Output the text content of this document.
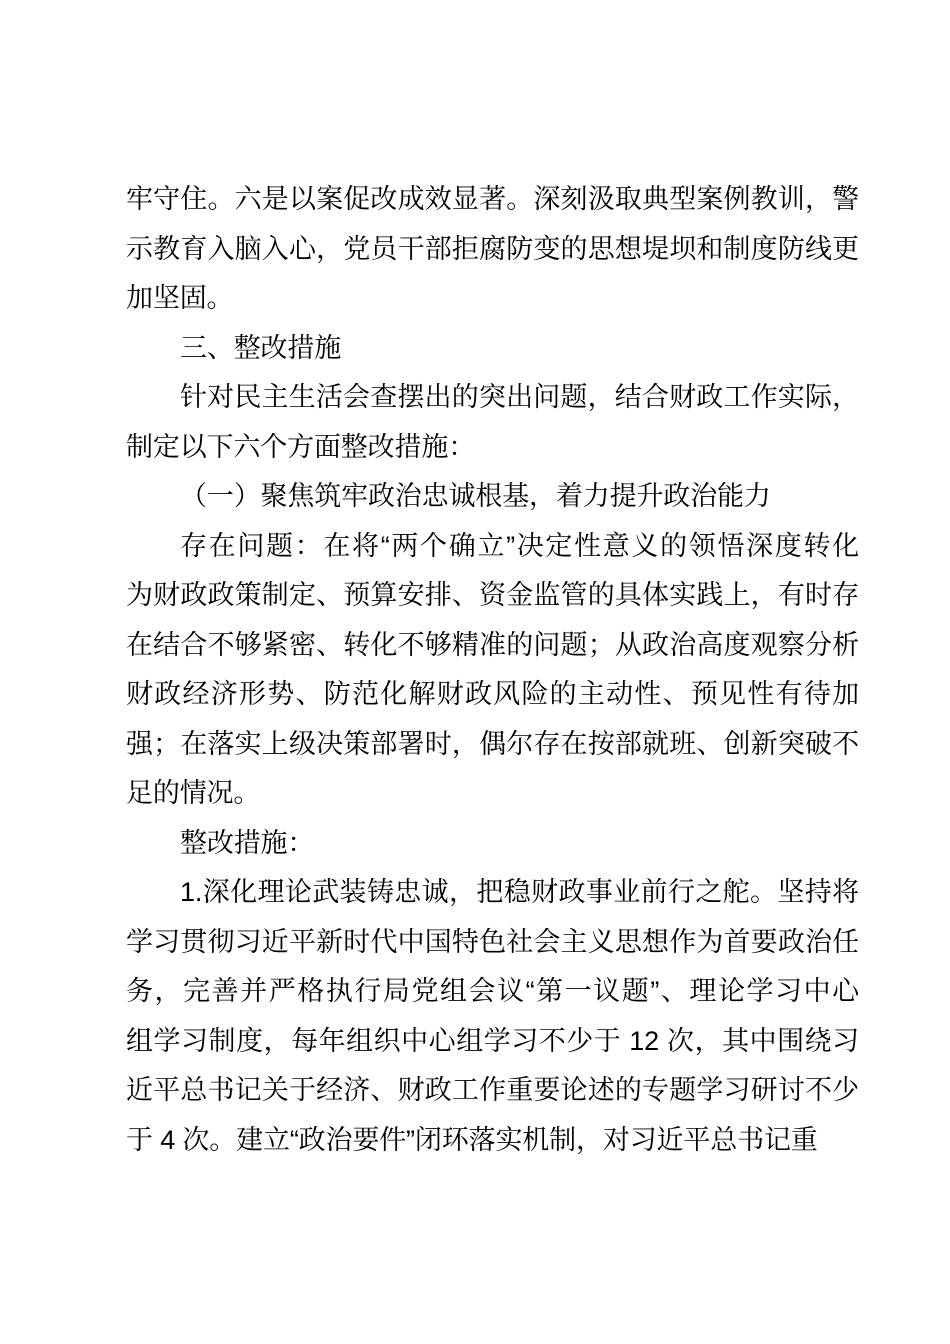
牢守住。六是以案促改成效显著。深刻汲取典型案例教训，警
示教育入脑入心，党员干部拒腐防变的思想堤坝和制度防线更
加坚固。
三、整改措施
针对民主生活会查摆出的突出问题，结合财政工作实际，
制定以下六个方面整改措施：
（一）聚焦筑牢政治忠诚根基，着力提升政治能力
存在问题：在将“两个确立”决定性意义的领悟深度转化
为财政政策制定、预算安排、资金监管的具体实践上，有时存
在结合不够紧密、转化不够精准的问题；从政治高度观察分析
财政经济形势、防范化解财政风险的主动性、预见性有待加
强；在落实上级决策部署时，偶尔存在按部就班、创新突破不
足的情况。
整改措施：
1.深化理论武装铸忠诚，把稳财政事业前行之舵。坚持将
学习贯彻习近平新时代中国特色社会主义思想作为首要政治任
务，完善并严格执行局党组会议“第一议题”、理论学习中心
组学习制度，每年组织中心组学习不少于 12 次，其中围绕习
近平总书记关于经济、财政工作重要论述的专题学习研讨不少
于 4 次。建立“政治要件”闭环落实机制，对习近平总书记重
